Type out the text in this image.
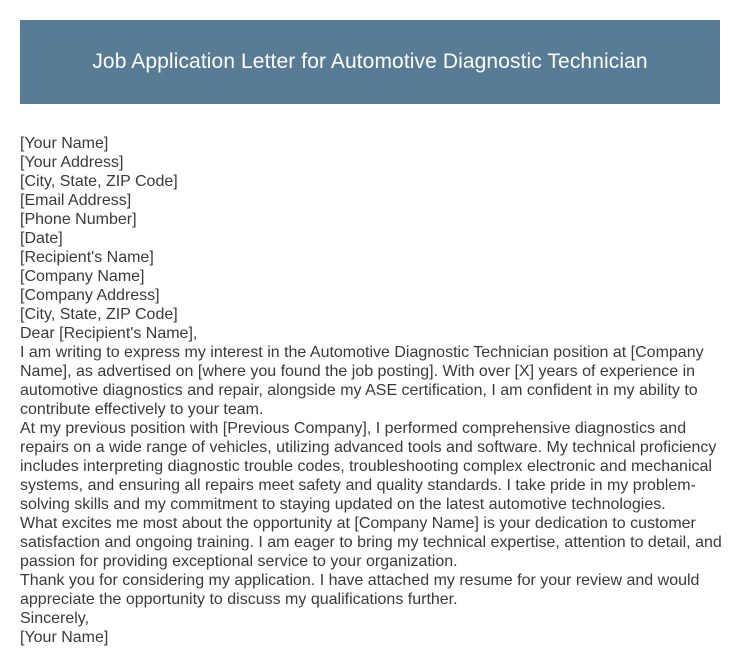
Job Application Letter for Automotive Diagnostic Technician
[Your Name]
[Your Address]
[City, State, ZIP Code]
[Email Address]
[Phone Number]
[Date]
[Recipient's Name]
[Company Name]
[Company Address]
[City, State, ZIP Code]
Dear [Recipient's Name],
I am writing to express my interest in the Automotive Diagnostic Technician position at [Company Name], as advertised on [where you found the job posting]. With over [X] years of experience in automotive diagnostics and repair, alongside my ASE certification, I am confident in my ability to contribute effectively to your team.
At my previous position with [Previous Company], I performed comprehensive diagnostics and repairs on a wide range of vehicles, utilizing advanced tools and software. My technical proficiency includes interpreting diagnostic trouble codes, troubleshooting complex electronic and mechanical systems, and ensuring all repairs meet safety and quality standards. I take pride in my problem-solving skills and my commitment to staying updated on the latest automotive technologies.
What excites me most about the opportunity at [Company Name] is your dedication to customer satisfaction and ongoing training. I am eager to bring my technical expertise, attention to detail, and passion for providing exceptional service to your organization.
Thank you for considering my application. I have attached my resume for your review and would appreciate the opportunity to discuss my qualifications further.
Sincerely,
[Your Name]
